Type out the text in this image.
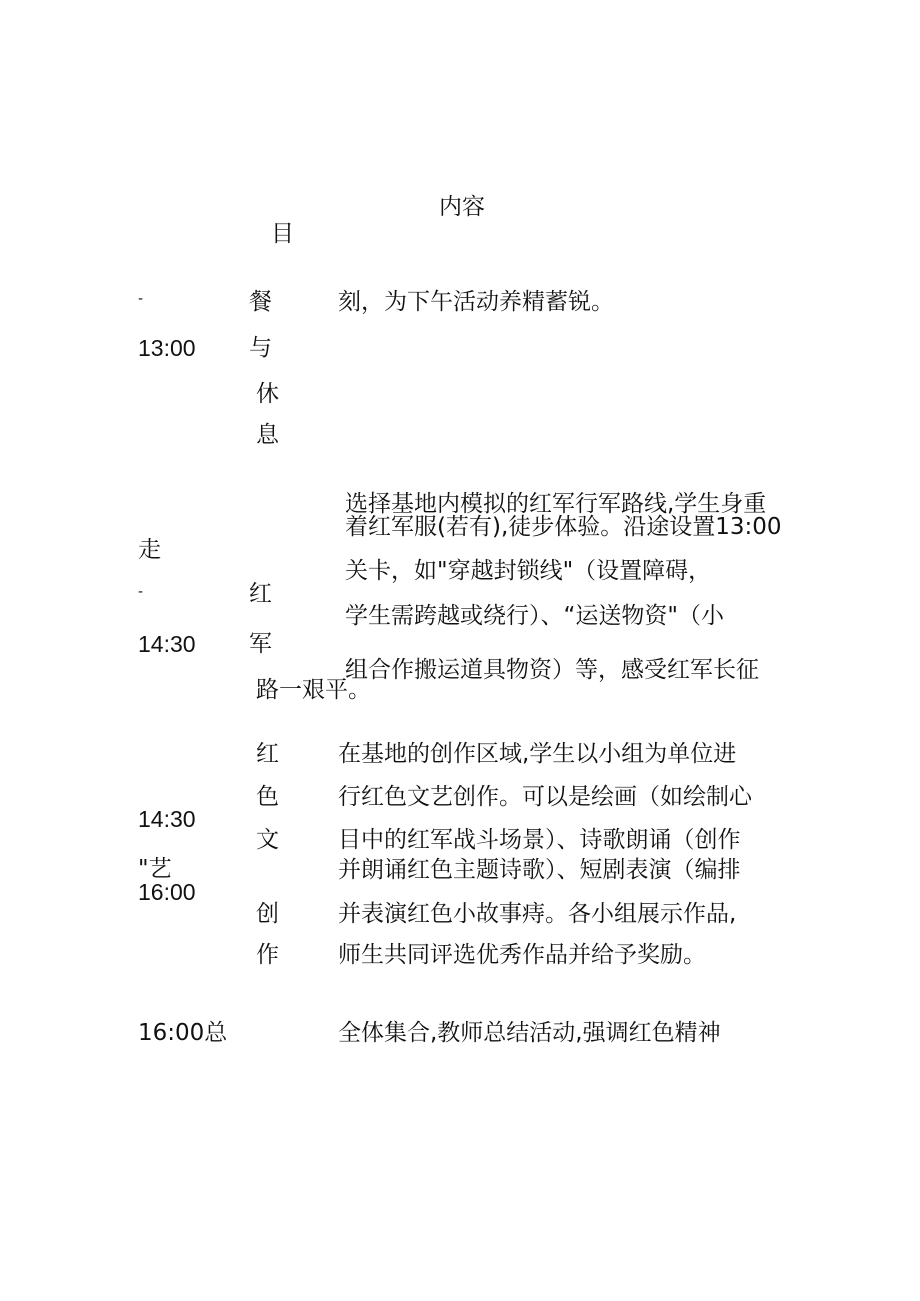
内容
目
-
13:00
餐
与
休
息
刻，为下午活动养精蓄锐。
走
-
14:30
红
军
路一艰平。
选择基地内模拟的红军行军路线,学生身重
着红军服(若有),徒步体验。沿途设置13:00
关卡，如"穿越封锁线"（设置障碍，
学生需跨越或绕行）、“运送物资"（小
组合作搬运道具物资）等，感受红军长征
14:30
"艺
16:00
红
色
文
创
作
在基地的创作区域,学生以小组为单位进
行红色文艺创作。可以是绘画（如绘制心
目中的红军战斗场景）、诗歌朗诵（创作
并朗诵红色主题诗歌）、短剧表演（编排
并表演红色小故事痔。各小组展示作品,
师生共同评选优秀作品并给予奖励。
16:00总	全体集合,教师总结活动,强调红色精神
